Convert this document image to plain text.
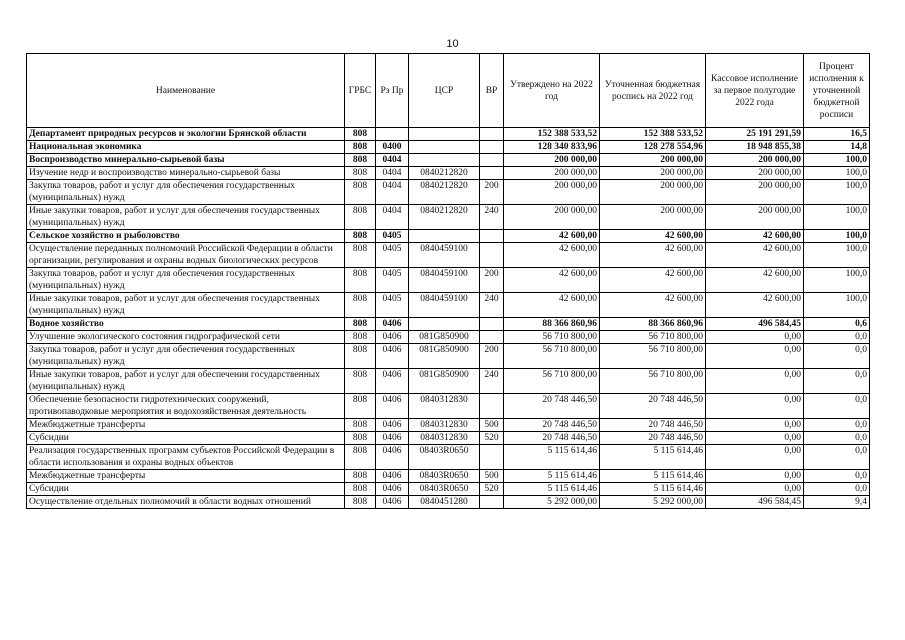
10
Наименование	ГРБС	Рз Пр	ЦСР	ВР	Утверждено на 2022 год	Уточненная бюджетная роспись на 2022 год	Кассовое исполнение за первое полугодие 2022 года	Процент исполнения к уточненной бюджетной росписи
Департамент природных ресурсов и экологии Брянской области	808				152 388 533,52	152 388 533,52	25 191 291,59	16,5
Национальная экономика	808	0400			128 340 833,96	128 278 554,96	18 948 855,38	14,8
Воспроизводство минерально-сырьевой базы	808	0404			200 000,00	200 000,00	200 000,00	100,0
Изучение недр и воспроизводство минерально-сырьевой базы	808	0404	0840212820		200 000,00	200 000,00	200 000,00	100,0
Закупка товаров, работ и услуг для обеспечения государственных (муниципальных) нужд	808	0404	0840212820	200	200 000,00	200 000,00	200 000,00	100,0
Иные закупки товаров, работ и услуг для обеспечения государственных (муниципальных) нужд	808	0404	0840212820	240	200 000,00	200 000,00	200 000,00	100,0
Сельское хозяйство и рыболовство	808	0405			42 600,00	42 600,00	42 600,00	100,0
Осуществление переданных полномочий Российской Федерации в области организации, регулирования и охраны водных биологических ресурсов	808	0405	0840459100		42 600,00	42 600,00	42 600,00	100,0
Закупка товаров, работ и услуг для обеспечения государственных (муниципальных) нужд	808	0405	0840459100	200	42 600,00	42 600,00	42 600,00	100,0
Иные закупки товаров, работ и услуг для обеспечения государственных (муниципальных) нужд	808	0405	0840459100	240	42 600,00	42 600,00	42 600,00	100,0
Водное хозяйство	808	0406			88 366 860,96	88 366 860,96	496 584,45	0,6
Улучшение экологического состояния гидрографической сети	808	0406	081G850900		56 710 800,00	56 710 800,00	0,00	0,0
Закупка товаров, работ и услуг для обеспечения государственных (муниципальных) нужд	808	0406	081G850900	200	56 710 800,00	56 710 800,00	0,00	0,0
Иные закупки товаров, работ и услуг для обеспечения государственных (муниципальных) нужд	808	0406	081G850900	240	56 710 800,00	56 710 800,00	0,00	0,0
Обеспечение безопасности гидротехнических сооружений, противопаводковые мероприятия и водохозяйственная деятельность	808	0406	0840312830		20 748 446,50	20 748 446,50	0,00	0,0
Межбюджетные трансферты	808	0406	0840312830	500	20 748 446,50	20 748 446,50	0,00	0,0
Субсидии	808	0406	0840312830	520	20 748 446,50	20 748 446,50	0,00	0,0
Реализация государственных программ субъектов Российской Федерации в области использования и охраны водных объектов	808	0406	08403R0650		5 115 614,46	5 115 614,46	0,00	0,0
Межбюджетные трансферты	808	0406	08403R0650	500	5 115 614,46	5 115 614,46	0,00	0,0
Субсидии	808	0406	08403R0650	520	5 115 614,46	5 115 614,46	0,00	0,0
Осуществление отдельных полномочий в области водных отношений	808	0406	0840451280		5 292 000,00	5 292 000,00	496 584,45	9,4
